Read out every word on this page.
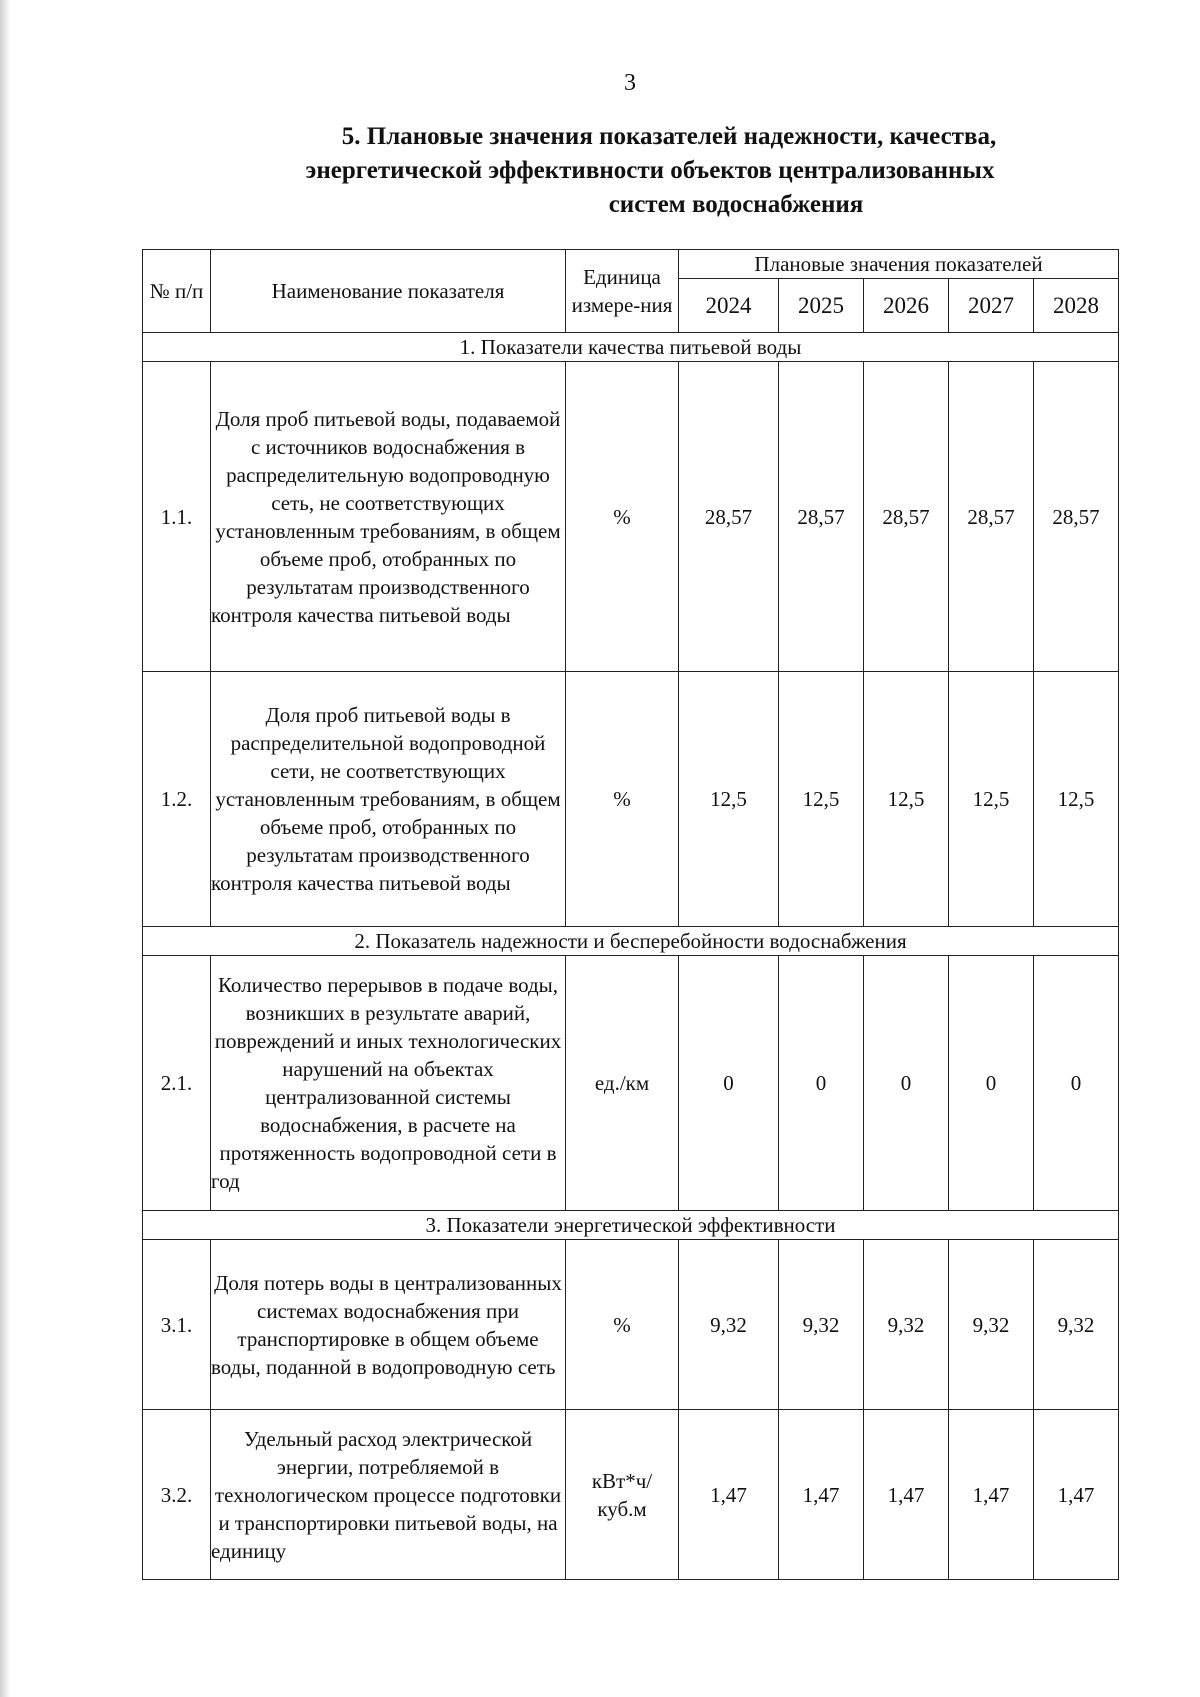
3
5. Плановые значения показателей надежности, качества,
энергетической эффективности объектов централизованных
систем водоснабжения
№ п/п	Наименование показателя	Единица измере-ния	Плановые значения показателей				
			2024	2025	2026	2027	2028
1. Показатели качества питьевой воды							
1.1.	Доля проб питьевой воды, подаваемой с источников водоснабжения в распределительную водопроводную сеть, не соответствующих установленным требованиям, в общем объеме проб, отобранных по результатам производственного контроля качества питьевой воды	%	28,57	28,57	28,57	28,57	28,57
1.2.	Доля проб питьевой воды в распределительной водопроводной сети, не соответствующих установленным требованиям, в общем объеме проб, отобранных по результатам производственного контроля качества питьевой воды	%	12,5	12,5	12,5	12,5	12,5
2. Показатель надежности и бесперебойности водоснабжения							
2.1.	Количество перерывов в подаче воды, возникших в результате аварий, повреждений и иных технологических нарушений на объектах централизованной системы водоснабжения, в расчете на протяженность водопроводной сети в год	ед./км	0	0	0	0	0
3. Показатели энергетической эффективности							
3.1.	Доля потерь воды в централизованных системах водоснабжения при транспортировке в общем объеме воды, поданной в водопроводную сеть	%	9,32	9,32	9,32	9,32	9,32
3.2.	Удельный расход электрической энергии, потребляемой в технологическом процессе подготовки и транспортировки питьевой воды, на единицу	кВт*ч/ куб.м	1,47	1,47	1,47	1,47	1,47
